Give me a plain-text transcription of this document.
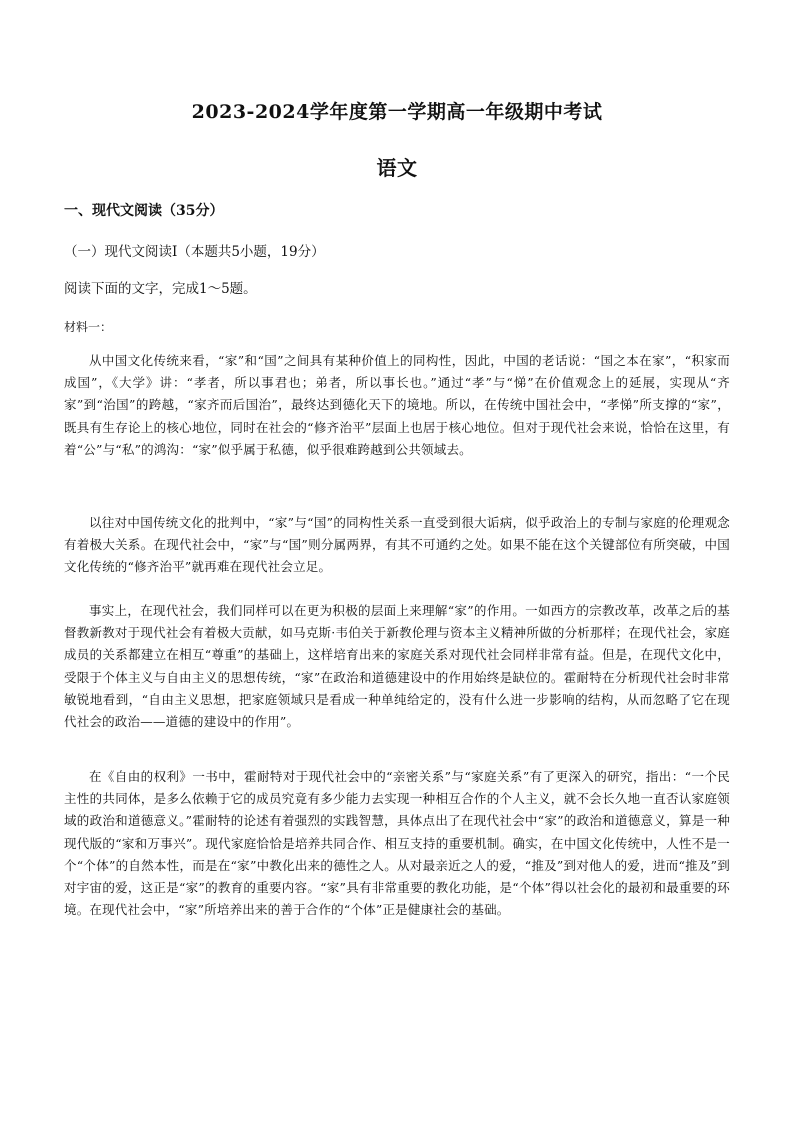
2023-2024学年度第一学期高一年级期中考试
语文
一、现代文阅读（35分）
（一）现代文阅读Ⅰ（本题共5小题，19分）
阅读下面的文字，完成1～5题。
材料一：

从中国文化传统来看，“家”和“国”之间具有某种价值上的同构性，因此，中国的老话说：“国之本在家”，“积家而成国”，《大学》讲：“孝者，所以事君也；弟者，所以事长也。”通过“孝”与“悌”在价值观念上的延展，实现从“齐家”到“治国”的跨越，“家齐而后国治”，最终达到德化天下的境地。所以，在传统中国社会中，“孝悌”所支撑的“家”，既具有生存论上的核心地位，同时在社会的“修齐治平”层面上也居于核心地位。但对于现代社会来说，恰恰在这里，有着“公”与“私”的鸿沟：“家”似乎属于私德，似乎很难跨越到公共领域去。

以往对中国传统文化的批判中，“家”与“国”的同构性关系一直受到很大诟病，似乎政治上的专制与家庭的伦理观念有着极大关系。在现代社会中，“家”与“国”则分属两界，有其不可通约之处。如果不能在这个关键部位有所突破，中国文化传统的“修齐治平”就再难在现代社会立足。

事实上，在现代社会，我们同样可以在更为积极的层面上来理解“家”的作用。一如西方的宗教改革，改革之后的基督教新教对于现代社会有着极大贡献，如马克斯·韦伯关于新教伦理与资本主义精神所做的分析那样；在现代社会，家庭成员的关系都建立在相互“尊重”的基础上，这样培育出来的家庭关系对现代社会同样非常有益。但是，在现代文化中，受限于个体主义与自由主义的思想传统，“家”在政治和道德建设中的作用始终是缺位的。霍耐特在分析现代社会时非常敏锐地看到，“自由主义思想，把家庭领域只是看成一种单纯给定的，没有什么进一步影响的结构，从而忽略了它在现代社会的政治——道德的建设中的作用”。

在《自由的权利》一书中，霍耐特对于现代社会中的“亲密关系”与“家庭关系”有了更深入的研究，指出：“一个民主性的共同体，是多么依赖于它的成员究竟有多少能力去实现一种相互合作的个人主义，就不会长久地一直否认家庭领域的政治和道德意义。”霍耐特的论述有着强烈的实践智慧，具体点出了在现代社会中“家”的政治和道德意义，算是一种现代版的“家和万事兴”。现代家庭恰恰是培养共同合作、相互支持的重要机制。确实，在中国文化传统中，人性不是一个“个体”的自然本性，而是在“家”中教化出来的德性之人。从对最亲近之人的爱，“推及”到对他人的爱，进而“推及”到对宇宙的爱，这正是“家”的教育的重要内容。“家”具有非常重要的教化功能，是“个体”得以社会化的最初和最重要的环境。在现代社会中，“家”所培养出来的善于合作的“个体”正是健康社会的基础。
